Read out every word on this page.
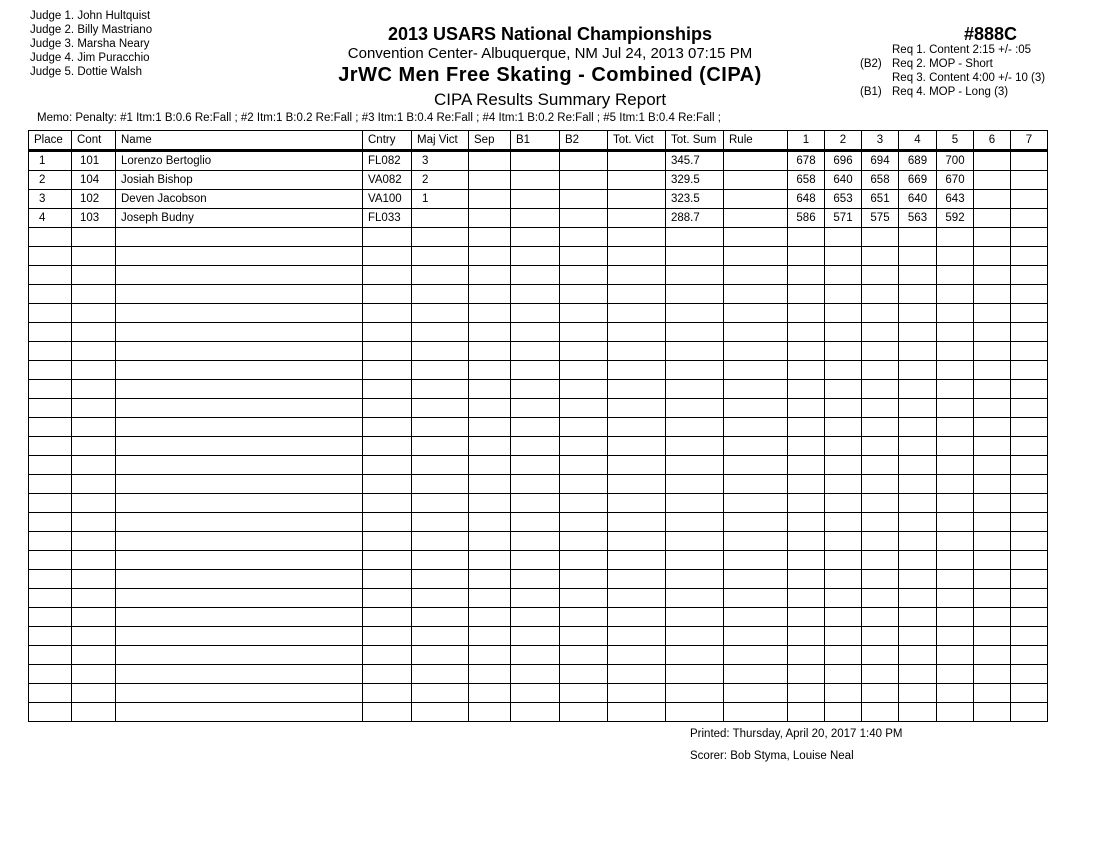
Judge 1. John Hultquist
Judge 2. Billy Mastriano
Judge 3. Marsha Neary
Judge 4. Jim Puracchio
Judge 5. Dottie Walsh
2013 USARS National Championships
Convention Center- Albuquerque, NM Jul 24, 2013 07:15 PM
JrWC Men Free Skating - Combined (CIPA)
CIPA Results Summary Report
#888C
Req 1. Content 2:15 +/- :05
(B2) Req 2. MOP - Short
Req 3. Content 4:00 +/- 10 (3)
(B1) Req 4. MOP - Long (3)
Memo: Penalty: #1 Itm:1 B:0.6 Re:Fall ; #2 Itm:1 B:0.2 Re:Fall ; #3 Itm:1 B:0.4 Re:Fall ; #4 Itm:1 B:0.2 Re:Fall ; #5 Itm:1 B:0.4 Re:Fall ;
Place	Cont	Name	Cntry	Maj Vict	Sep	B1	B2	Tot. Vict	Tot. Sum	Rule	1	2	3	4	5	6	7
1	101	Lorenzo Bertoglio	FL082	3					345.7		678	696	694	689	700		
2	104	Josiah Bishop	VA082	2					329.5		658	640	658	669	670		
3	102	Deven Jacobson	VA100	1					323.5		648	653	651	640	643		
4	103	Joseph Budny	FL033						288.7		586	571	575	563	592		

Printed: Thursday, April 20, 2017 1:40 PM
Scorer: Bob Styma, Louise Neal
